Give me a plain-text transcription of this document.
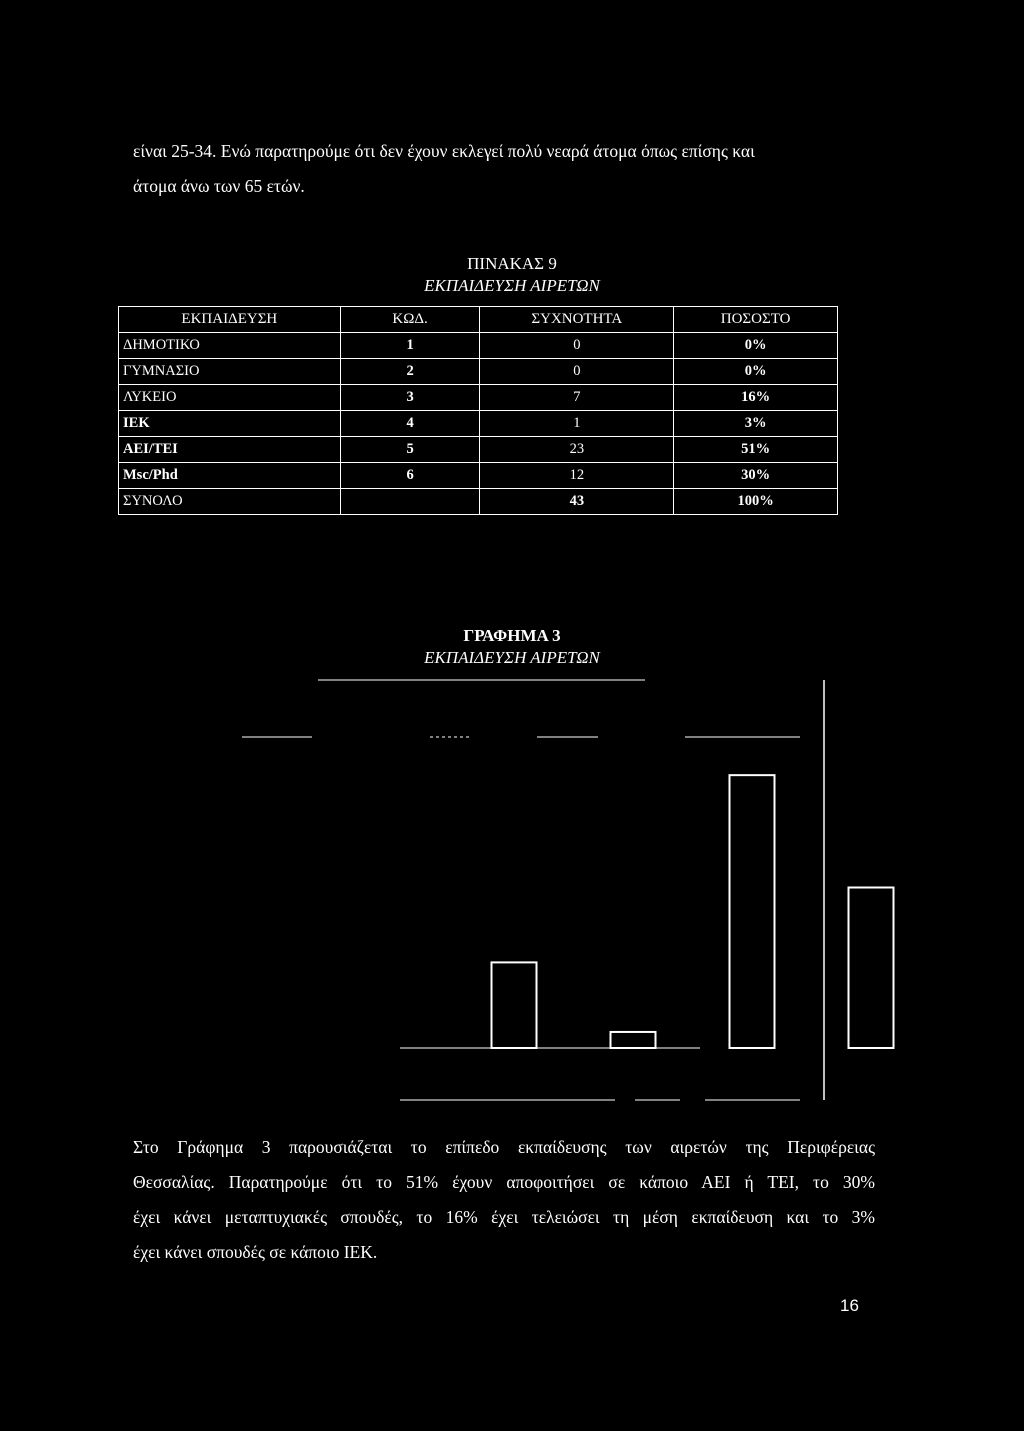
είναι 25-34. Ενώ παρατηρούμε ότι δεν έχουν εκλεγεί πολύ νεαρά άτομα όπως επίσης και
άτομα άνω των 65 ετών.

ΠΙΝΑΚΑΣ 9
ΕΚΠΑΙΔΕΥΣΗ ΑΙΡΕΤΩΝ
ΕΚΠΑΙΔΕΥΣΗ	ΚΩΔ.	ΣΥΧΝΟΤΗΤΑ	ΠΟΣΟΣΤΟ
ΔΗΜΟΤΙΚΟ	1	0	0%
ΓΥΜΝΑΣΙΟ	2	0	0%
ΛΥΚΕΙΟ	3	7	16%
ΙΕΚ	4	1	3%
ΑΕΙ/ΤΕΙ	5	23	51%
Msc/Phd	6	12	30%
ΣΥΝΟΛΟ		43	100%
ΓΡΑΦΗΜΑ 3
ΕΚΠΑΙΔΕΥΣΗ ΑΙΡΕΤΩΝ

Στο Γράφημα 3 παρουσιάζεται το επίπεδο εκπαίδευσης των αιρετών της Περιφέρειας
Θεσσαλίας. Παρατηρούμε ότι το 51% έχουν αποφοιτήσει σε κάποιο ΑΕΙ ή ΤΕΙ, το 30%
έχει κάνει μεταπτυχιακές σπουδές, το 16% έχει τελειώσει τη μέση εκπαίδευση και το 3%
έχει κάνει σπουδές σε κάποιο ΙΕΚ.

16
